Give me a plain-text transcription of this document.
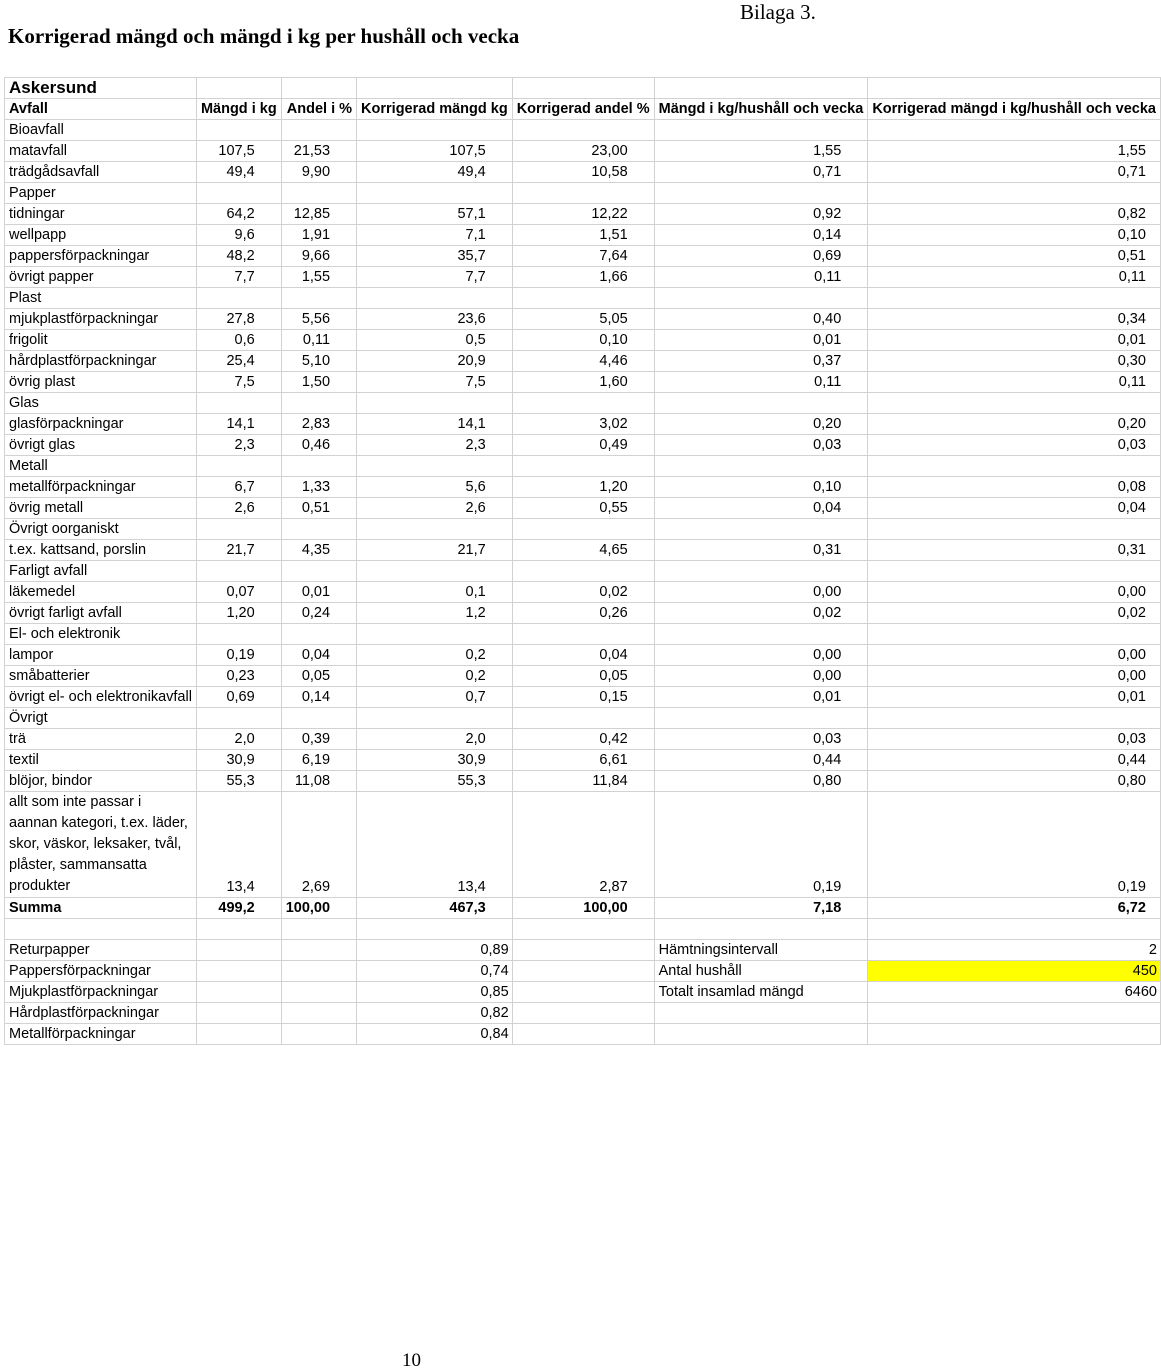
Korrigerad mängd och mängd i kg per hushåll och vecka
Bilaga 3.
Askersund						
Avfall	Mängd i kg	Andel i %	Korrigerad mängd kg	Korrigerad andel %	Mängd i kg/hushåll och vecka	Korrigerad mängd i kg/hushåll och vecka
Bioavfall						
matavfall	107,5	21,53	107,5	23,00	1,55	1,55
trädgådsavfall	49,4	9,90	49,4	10,58	0,71	0,71
Papper						
tidningar	64,2	12,85	57,1	12,22	0,92	0,82
wellpapp	9,6	1,91	7,1	1,51	0,14	0,10
pappersförpackningar	48,2	9,66	35,7	7,64	0,69	0,51
övrigt papper	7,7	1,55	7,7	1,66	0,11	0,11
Plast						
mjukplastförpackningar	27,8	5,56	23,6	5,05	0,40	0,34
frigolit	0,6	0,11	0,5	0,10	0,01	0,01
hårdplastförpackningar	25,4	5,10	20,9	4,46	0,37	0,30
övrig plast	7,5	1,50	7,5	1,60	0,11	0,11
Glas						
glasförpackningar	14,1	2,83	14,1	3,02	0,20	0,20
övrigt glas	2,3	0,46	2,3	0,49	0,03	0,03
Metall						
metallförpackningar	6,7	1,33	5,6	1,20	0,10	0,08
övrig metall	2,6	0,51	2,6	0,55	0,04	0,04
Övrigt oorganiskt						
t.ex. kattsand, porslin	21,7	4,35	21,7	4,65	0,31	0,31
Farligt avfall						
läkemedel	0,07	0,01	0,1	0,02	0,00	0,00
övrigt farligt avfall	1,20	0,24	1,2	0,26	0,02	0,02
El- och elektronik						
lampor	0,19	0,04	0,2	0,04	0,00	0,00
småbatterier	0,23	0,05	0,2	0,05	0,00	0,00
övrigt el- och elektronikavfall	0,69	0,14	0,7	0,15	0,01	0,01
Övrigt						
trä	2,0	0,39	2,0	0,42	0,03	0,03
textil	30,9	6,19	30,9	6,61	0,44	0,44
blöjor, bindor	55,3	11,08	55,3	11,84	0,80	0,80
allt som inte passar i aannan kategori, t.ex. läder, skor, väskor, leksaker, tvål, plåster, sammansatta produkter	13,4	2,69	13,4	2,87	0,19	0,19
Summa	499,2	100,00	467,3	100,00	7,18	6,72

Returpapper			0,89		Hämtningsintervall	2
Pappersförpackningar			0,74		Antal hushåll	450
Mjukplastförpackningar			0,85		Totalt insamlad mängd	6460
Hårdplastförpackningar			0,82			
Metallförpackningar			0,84			
10
